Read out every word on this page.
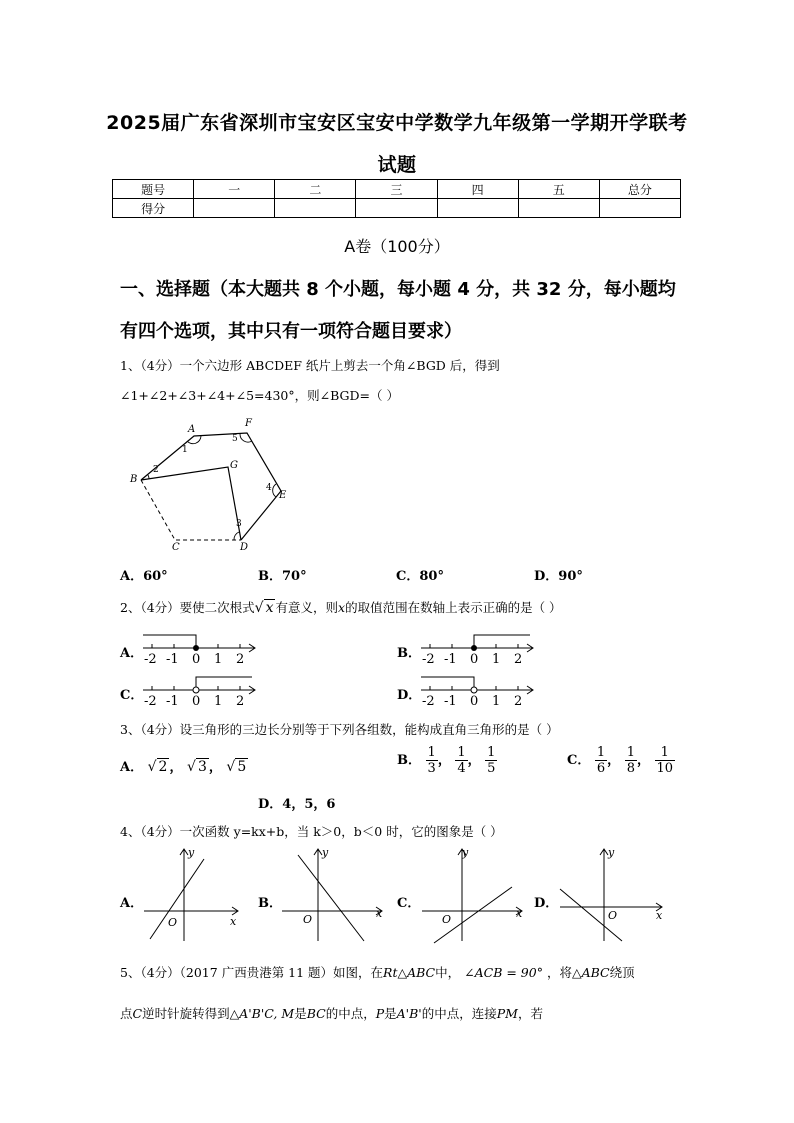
2025届广东省深圳市宝安区宝安中学数学九年级第一学期开学联考
试题
题号	一	二	三	四	五	总分
得分						
A卷（100分）
一、选择题（本大题共 8 个小题，每小题 4 分，共 32 分，每小题均
有四个选项，其中只有一项符合题目要求）
1、（4分）一个六边形 ABCDEF 纸片上剪去一个角∠BGD 后，得到
∠1+∠2+∠3+∠4+∠5=430°，则∠BGD=（ ）
A
B
C	D
E
F
G
1
2
3
4
5
A．60°	B．70°	C．80°	D．90°
2、（4分）要使二次根式√ x 有意义，则x的取值范围在数轴上表示正确的是（ ）
A．	B．
C．	D．
-2 -1 0 1 2	-2 -1 0 1 2
-2 -1 0 1 2	-2 -1 0 1 2
3、（4分）设三角形的三边长分别等于下列各组数，能构成直角三角形的是（ ）
A． √ 2 ， √ 3 ， √ 5	B． $\frac{1}{3}$ ， $\frac{1}{4}$ ， $\frac{1}{5}$	C． $\frac{1}{6}$ ， $\frac{1}{8}$ ， $\frac{1}{10}$
D．4，5，6
4、（4分）一次函数 y=kx+b，当 k＞0，b＜0 时，它的图象是（ ）
A．	B．	C．	D．
y
x
O
y
x
O
y
x
O
y
x
O
5、（4分）（2017 广西贵港第 11 题）如图，在Rt△ABC中， ∠ACB = 90° ，将△ABC绕顶
点C逆时针旋转得到△A'B'C, M是BC的中点，P是A'B'的中点，连接PM，若
